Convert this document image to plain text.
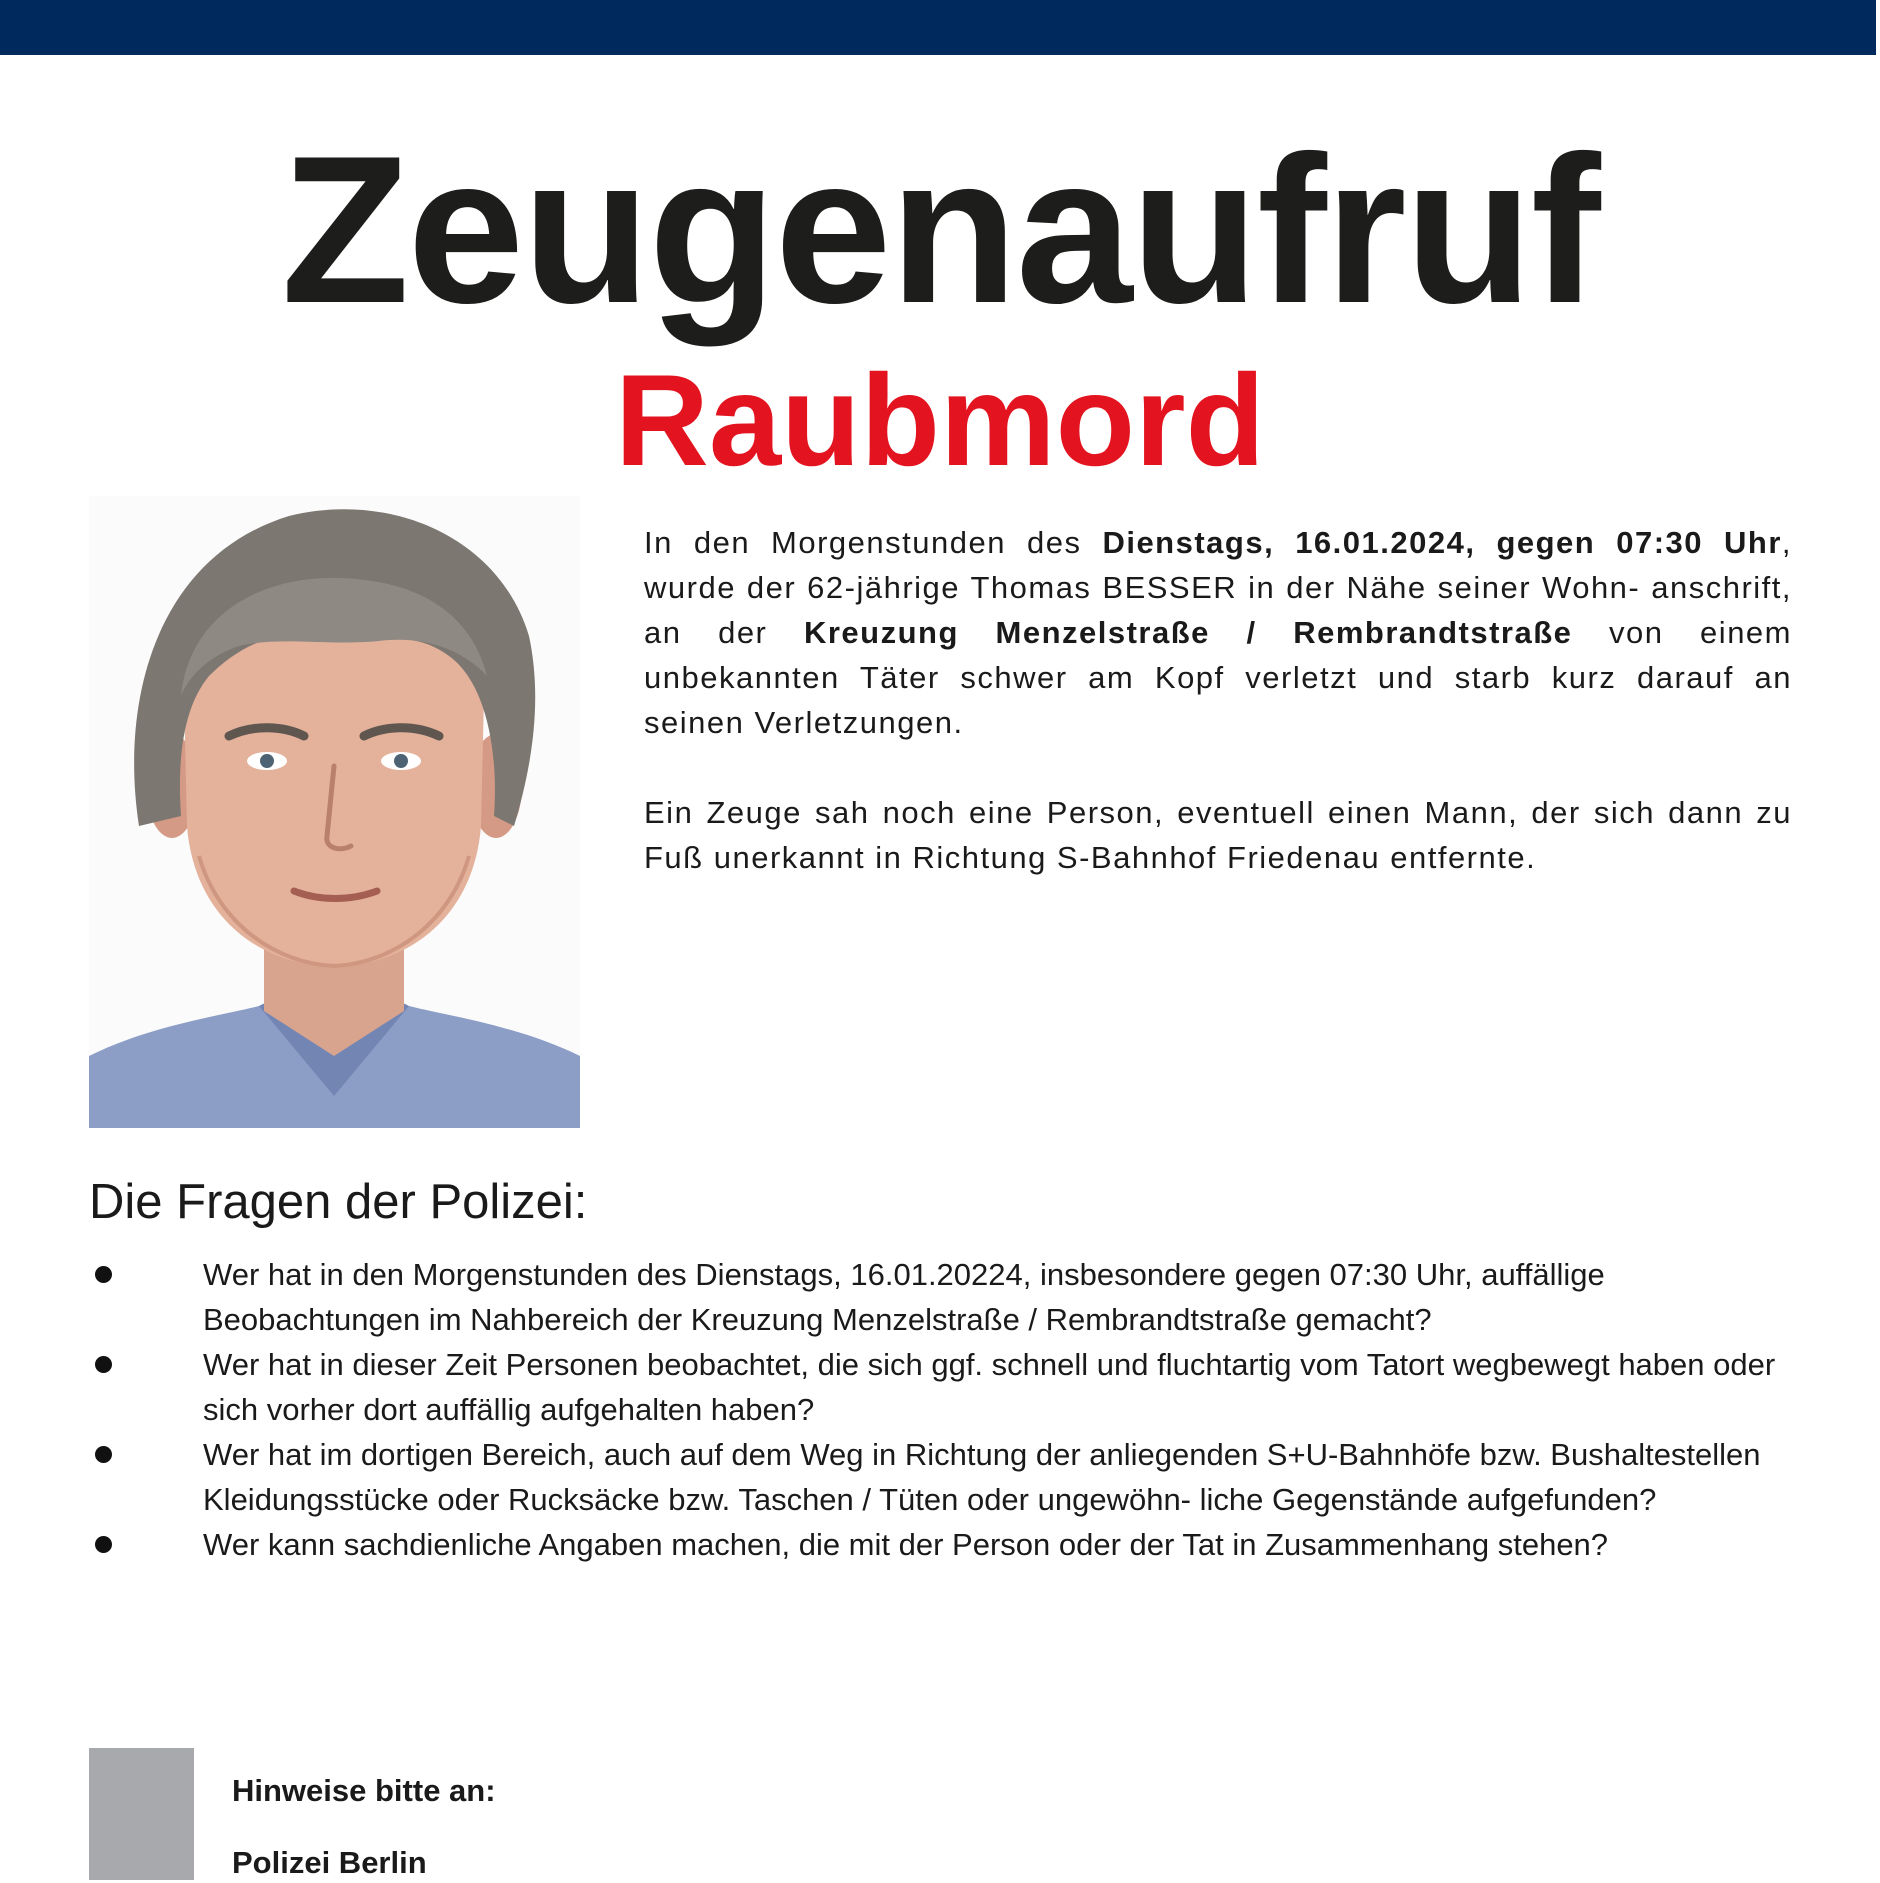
Zeugenaufruf
Raubmord

In den Morgenstunden des Dienstags, 16.01.2024, gegen 07:30 Uhr, wurde der 62-jährige Thomas BESSER in der Nähe seiner Wohn- anschrift, an der Kreuzung Menzelstraße / Rembrandtstraße von einem unbekannten Täter schwer am Kopf verletzt und starb kurz darauf an seinen Verletzungen.

Ein Zeuge sah noch eine Person, eventuell einen Mann, der sich dann zu Fuß unerkannt in Richtung S-Bahnhof Friedenau entfernte.

Die Fragen der Polizei:
Wer hat in den Morgenstunden des Dienstags, 16.01.20224, insbesondere gegen 07:30 Uhr, auffällige Beobachtungen im Nahbereich der Kreuzung Menzelstraße / Rembrandtstraße gemacht?
Wer hat in dieser Zeit Personen beobachtet, die sich ggf. schnell und fluchtartig vom Tatort wegbewegt haben oder sich vorher dort auffällig aufgehalten haben?
Wer hat im dortigen Bereich, auch auf dem Weg in Richtung der anliegenden S+U-Bahnhöfe bzw. Bushaltestellen Kleidungsstücke oder Rucksäcke bzw. Taschen / Tüten oder ungewöhn- liche Gegenstände aufgefunden?
Wer kann sachdienliche Angaben machen, die mit der Person oder der Tat in Zusammenhang stehen?

Hinweise bitte an:

Polizei Berlin
